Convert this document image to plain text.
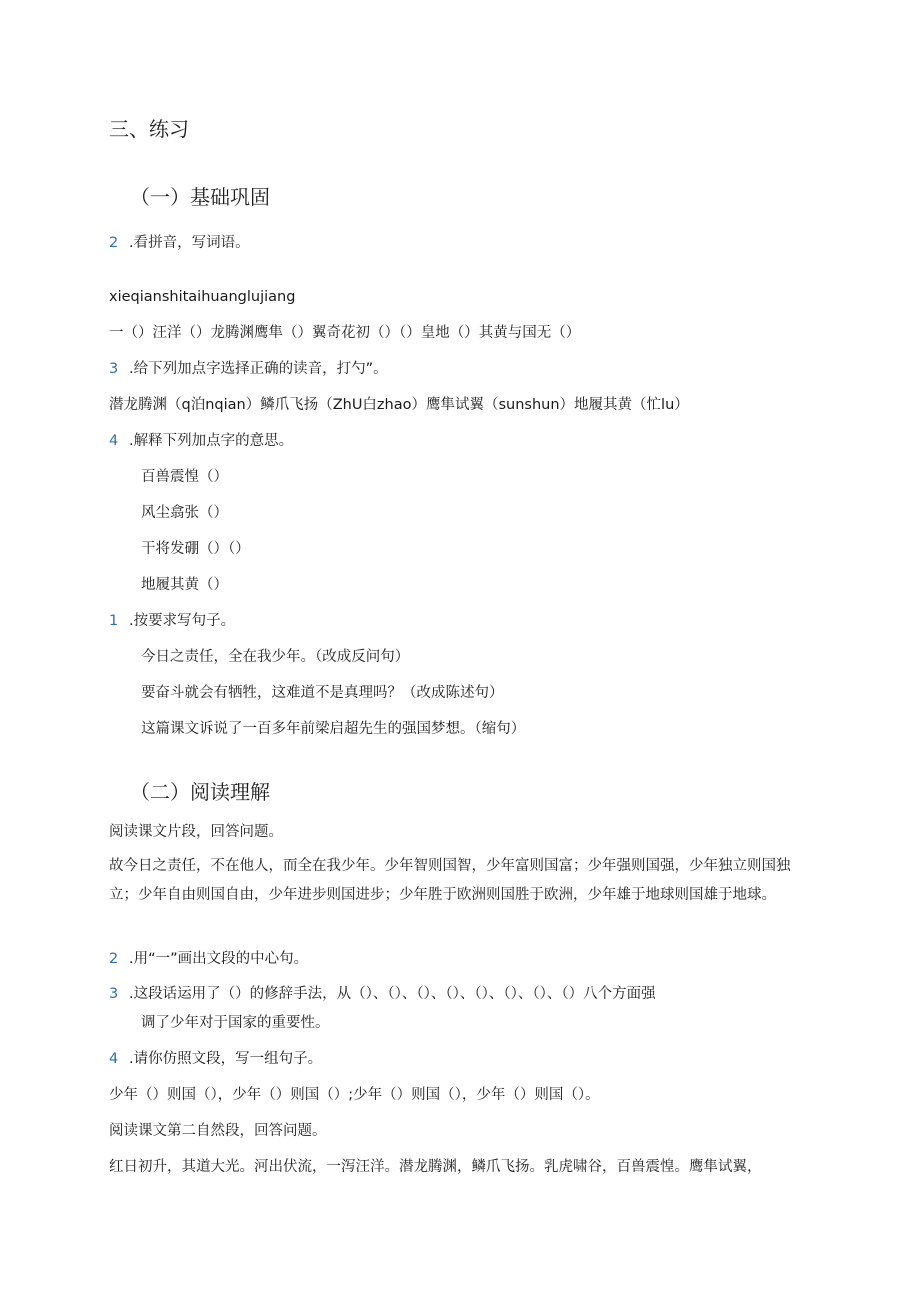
三、练习
（一）基础巩固
2 .看拼音，写词语。
xieqianshitaihuanglujiang
一（）汪洋（）龙腾渊鹰隼（）翼奇花初（）（）皇地（）其黄与国无（）
3 .给下列加点字选择正确的读音，打勺”。
潜龙腾渊（q泊nqian）鳞爪飞扬（ZhU白zhao）鹰隼试翼（sunshun）地履其黄（忙lu）
4 .解释下列加点字的意思。
百兽震惶（）
风尘翕张（）
干将发硼（）（）
地履其黄（）
1 .按要求写句子。
今日之责任，全在我少年。（改成反问句）
要奋斗就会有牺牲，这难道不是真理吗？（改成陈述句）
这篇课文诉说了一百多年前梁启超先生的强国梦想。（缩句）
（二）阅读理解
阅读课文片段，回答问题。
故今日之责任，不在他人，而全在我少年。少年智则国智，少年富则国富；少年强则国强，少年独立则国独立；少年自由则国自由，少年进步则国进步；少年胜于欧洲则国胜于欧洲，少年雄于地球则国雄于地球。
2 .用“一”画出文段的中心句。
3 .这段话运用了（）的修辞手法，从（）、（）、（）、（）、（）、（）、（）、（）八个方面强
调了少年对于国家的重要性。
4 .请你仿照文段，写一组句子。
少年（）则国（），少年（）则国（）;少年（）则国（），少年（）则国（）。
阅读课文第二自然段，回答问题。
红日初升，其道大光。河出伏流，一泻汪洋。潜龙腾渊，鳞爪飞扬。乳虎啸谷，百兽震惶。鹰隼试翼，
